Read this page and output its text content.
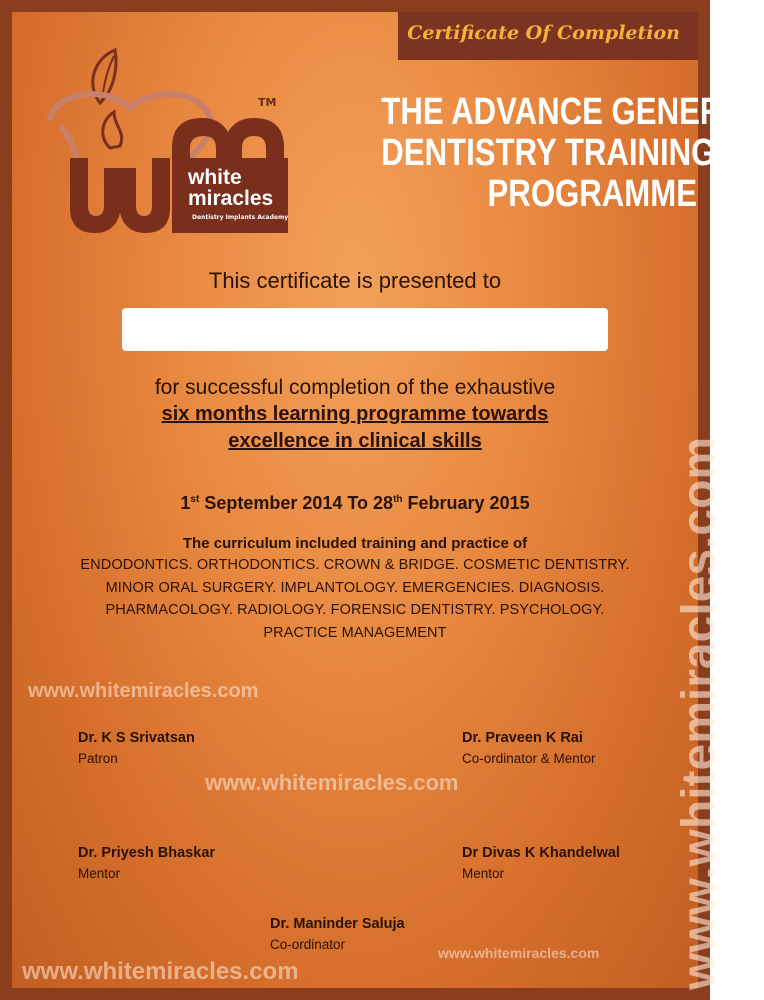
Certificate Of Completion
TM
white
miracles
Dentistry Implants Academy
THE ADVANCE GENERAL
DENTISTRY TRAINING
PROGRAMME
This certificate is presented to
for successful completion of the exhaustive
six months learning programme towards
excellence in clinical skills
1st September 2014 To 28th February 2015
The curriculum included training and practice of
ENDODONTICS. ORTHODONTICS. CROWN & BRIDGE. COSMETIC DENTISTRY.
MINOR ORAL SURGERY. IMPLANTOLOGY. EMERGENCIES. DIAGNOSIS.
PHARMACOLOGY. RADIOLOGY. FORENSIC DENTISTRY. PSYCHOLOGY.
PRACTICE MANAGEMENT
www.whitemiracles.com
www.whitemiracles.com
www.whitemiracles.com
www.whitemiracles.com	www.whitemiracles.com
Dr. K S Srivatsan
Patron
Dr. Praveen K Rai
Co-ordinator & Mentor
Dr. Priyesh Bhaskar
Mentor
Dr Divas K Khandelwal
Mentor
Dr. Maninder Saluja
Co-ordinator
